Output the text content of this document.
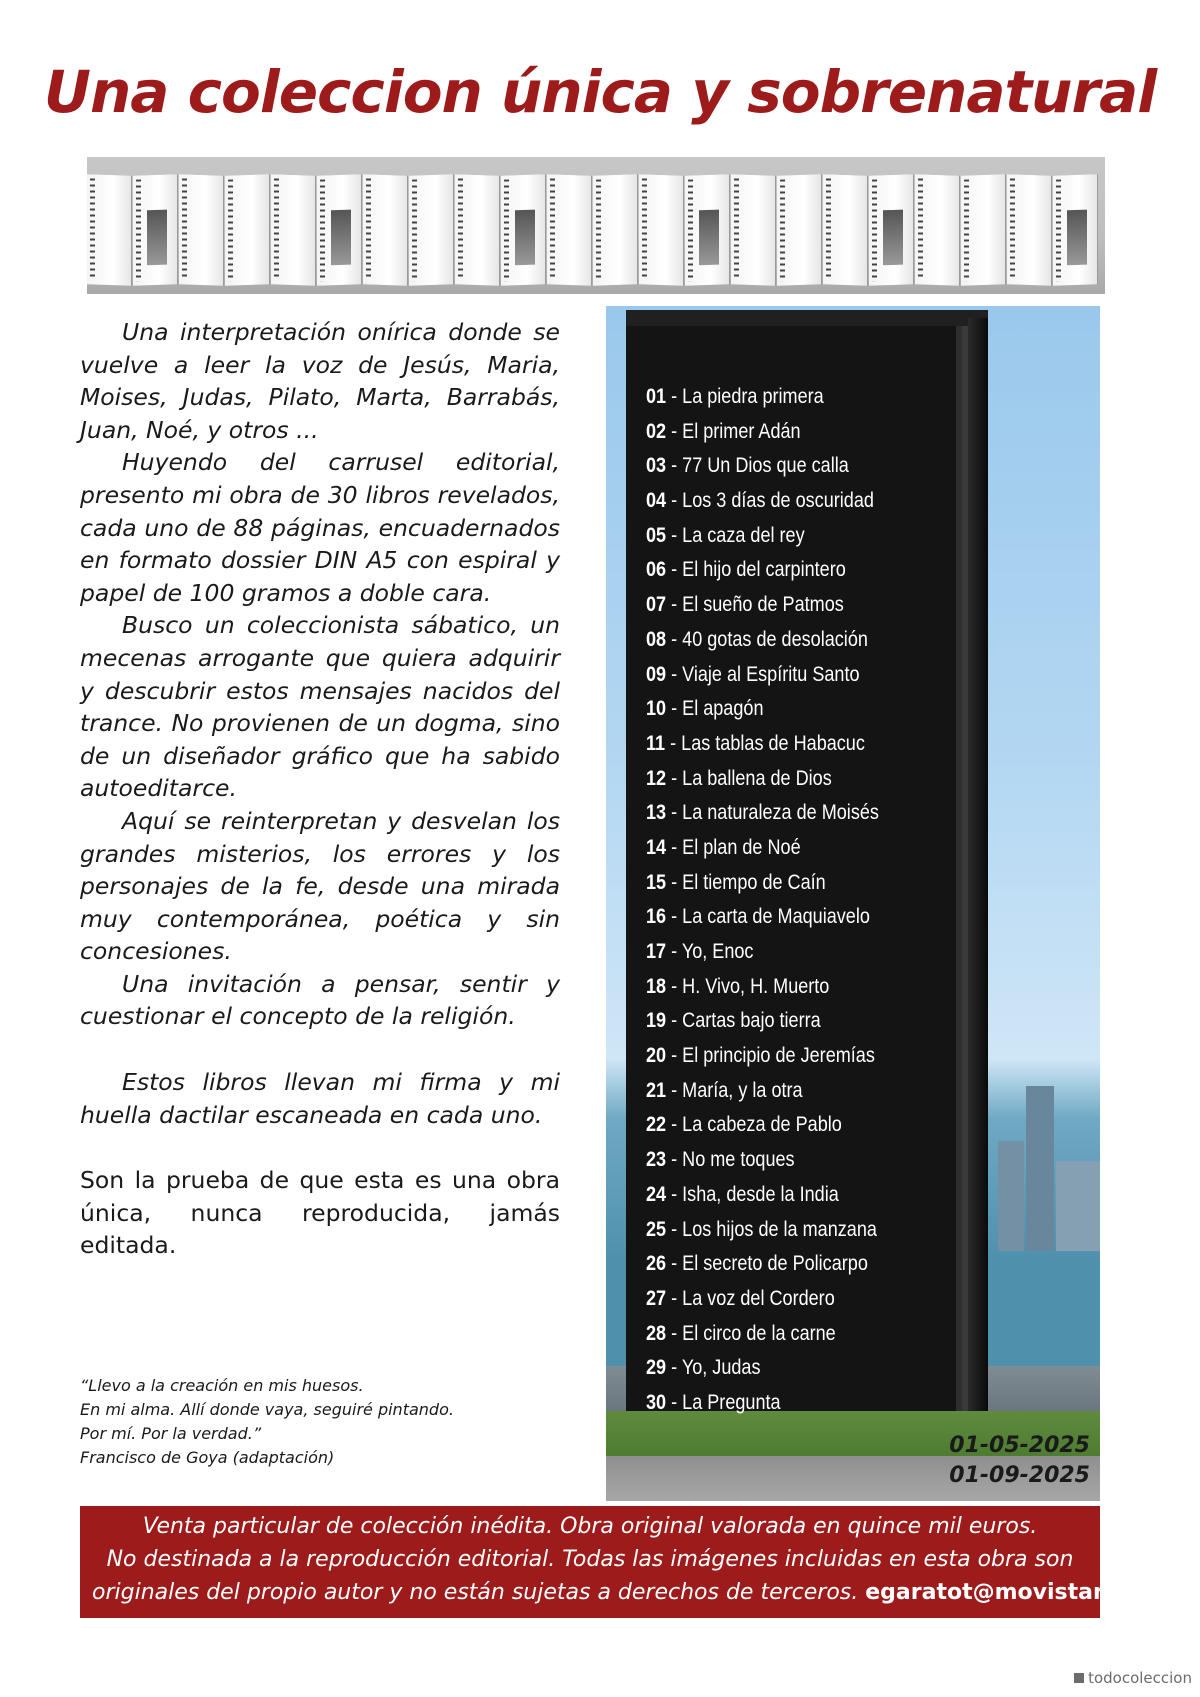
Una coleccion única y sobrenatural

Una interpretación onírica donde se vuelve a leer la voz de Jesús, Maria, Moises, Judas, Pilato, Marta, Barrabás, Juan, Noé, y otros ...

Huyendo del carrusel editorial, presento mi obra de 30 libros revelados, cada uno de 88 páginas, encuadernados en formato dossier DIN A5 con espiral y papel de 100 gramos a doble cara.

Busco un coleccionista sábatico, un mecenas arrogante que quiera adquirir y descubrir estos mensajes nacidos del trance. No provienen de un dogma, sino de un diseñador gráfico que ha sabido autoeditarce.

Aquí se reinterpretan y desvelan los grandes misterios, los errores y los personajes de la fe, desde una mirada muy contemporánea, poética y sin concesiones.

Una invitación a pensar, sentir y cuestionar el concepto de la religión.

Estos libros llevan mi firma y mi huella dactilar escaneada en cada uno.

Son la prueba de que esta es una obra única, nunca reproducida, jamás editada.

“Llevo a la creación en mis huesos.
En mi alma. Allí donde vaya, seguiré pintando.
Por mí. Por la verdad.”
Francisco de Goya (adaptación)
01 - La piedra primera
02 - El primer Adán
03 - 77 Un Dios que calla
04 - Los 3 días de oscuridad
05 - La caza del rey
06 - El hijo del carpintero
07 - El sueño de Patmos
08 - 40 gotas de desolación
09 - Viaje al Espíritu Santo
10 - El apagón
11 - Las tablas de Habacuc
12 - La ballena de Dios
13 - La naturaleza de Moisés
14 - El plan de Noé
15 - El tiempo de Caín
16 - La carta de Maquiavelo
17 - Yo, Enoc
18 - H. Vivo, H. Muerto
19 - Cartas bajo tierra
20 - El principio de Jeremías
21 - María, y la otra
22 - La cabeza de Pablo
23 - No me toques
24 - Isha, desde la India
25 - Los hijos de la manzana
26 - El secreto de Policarpo
27 - La voz del Cordero
28 - El circo de la carne
29 - Yo, Judas
30 - La Pregunta
01-05-2025
01-09-2025
Venta particular de colección inédita. Obra original valorada en quince mil euros.
No destinada a la reproducción editorial. Todas las imágenes incluidas en esta obra son
originales del propio autor y no están sujetas a derechos de terceros. egaratot@movistar.es
todocoleccion
